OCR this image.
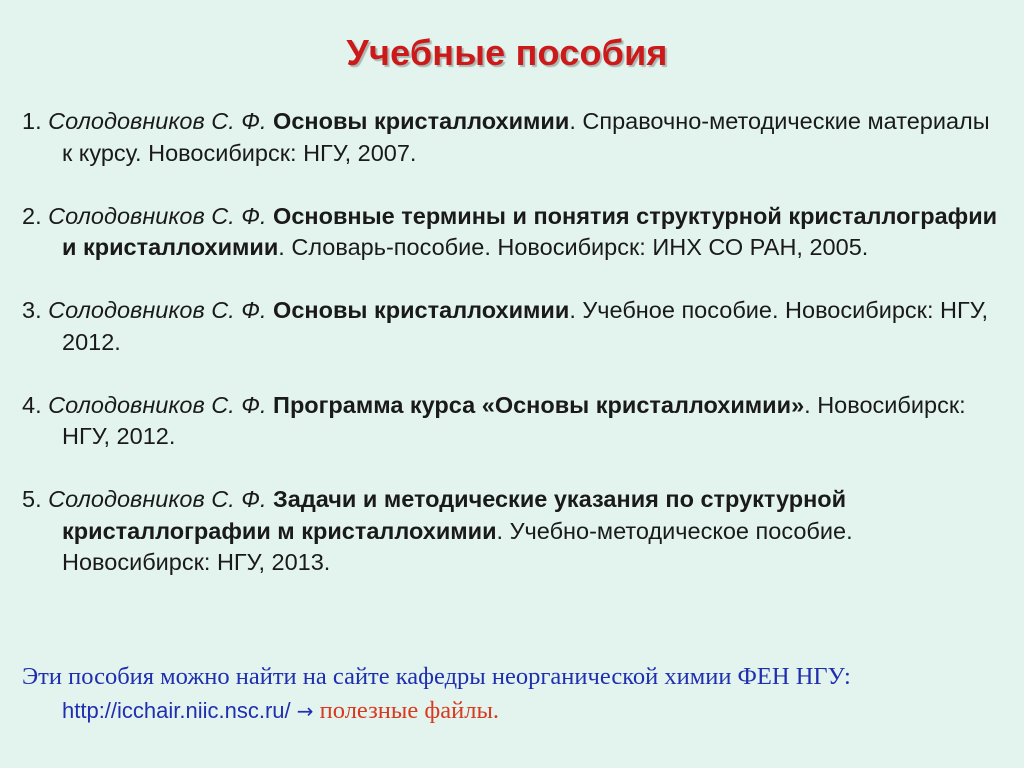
Учебные пособия
1. Солодовников С. Ф. Основы кристаллохимии. Справочно-методические материалы к курсу. Новосибирск: НГУ, 2007.
2. Солодовников С. Ф. Основные термины и понятия структурной кристаллографии и кристаллохимии. Словарь-пособие. Новосибирск: ИНХ СО РАН, 2005.
3. Солодовников С. Ф. Основы кристаллохимии. Учебное пособие. Новосибирск: НГУ, 2012.
4. Солодовников С. Ф. Программа курса «Основы кристаллохимии». Новосибирск: НГУ, 2012.
5. Солодовников С. Ф. Задачи и методические указания по структурной кристаллографии м кристаллохимии. Учебно-методическое пособие. Новосибирск: НГУ, 2013.
Эти пособия можно найти на сайте кафедры неорганической химии ФЕН НГУ: http://icchair.niic.nsc.ru/ → полезные файлы.
